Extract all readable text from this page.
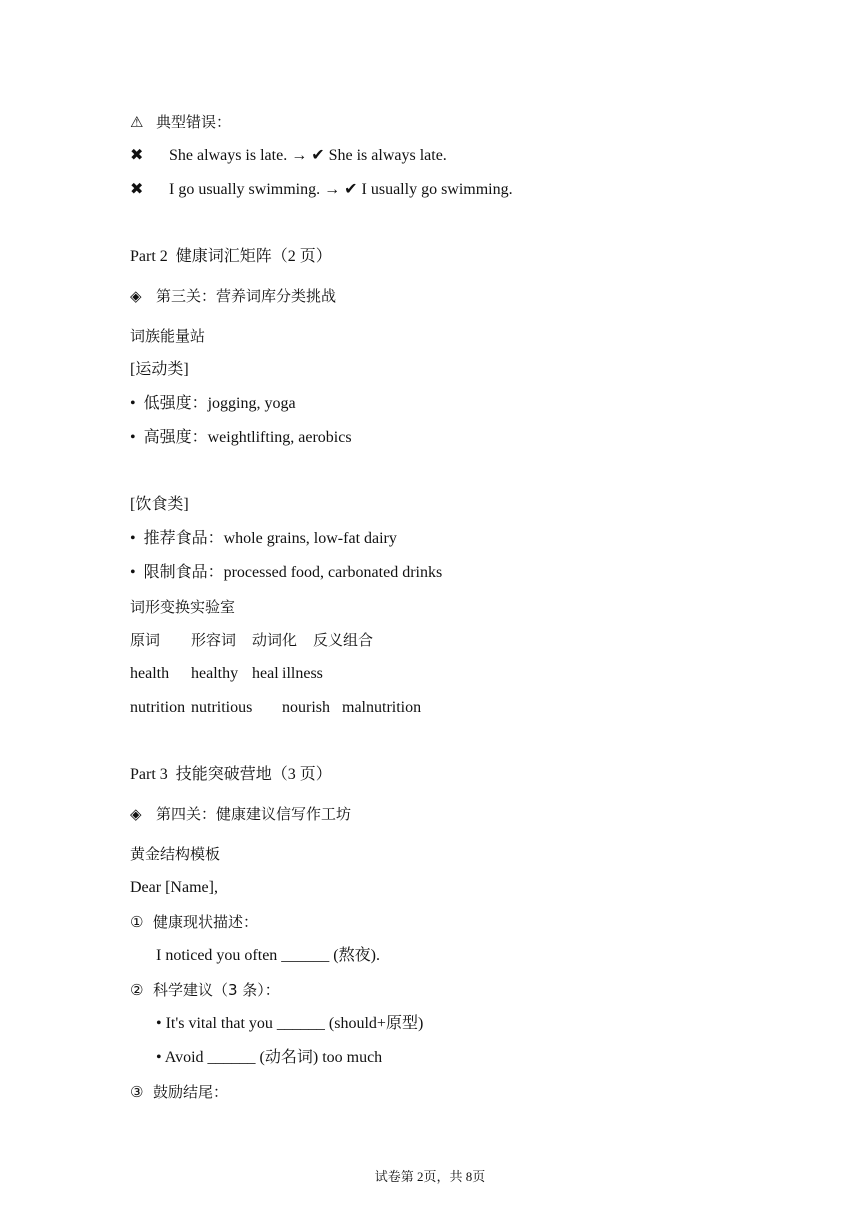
⚠ 典型错误：
✖ She always is late. → ✔ She is always late.
✖ I go usually swimming. → ✔ I usually go swimming.
Part 2  健康词汇矩阵（2 页）
◈ 第三关：营养词库分类挑战
词族能量站
[运动类]
•  低强度：jogging, yoga
•  高强度：weightlifting, aerobics
[饮食类]
•  推荐食品：whole grains, low-fat dairy
•  限制食品：processed food, carbonated drinks
词形变换实验室
原词 形容词 动词化 反义组合
health healthy heal illness
nutrition nutritious nourish malnutrition
Part 3  技能突破营地（3 页）
◈ 第四关：健康建议信写作工坊
黄金结构模板
Dear [Name],
①  健康现状描述：
I noticed you often ______ (熬夜).
②  科学建议（3 条）：
• It's vital that you ______ (should+原型)
• Avoid ______ (动名词) too much
③  鼓励结尾：
试卷第 2页，共 8页
